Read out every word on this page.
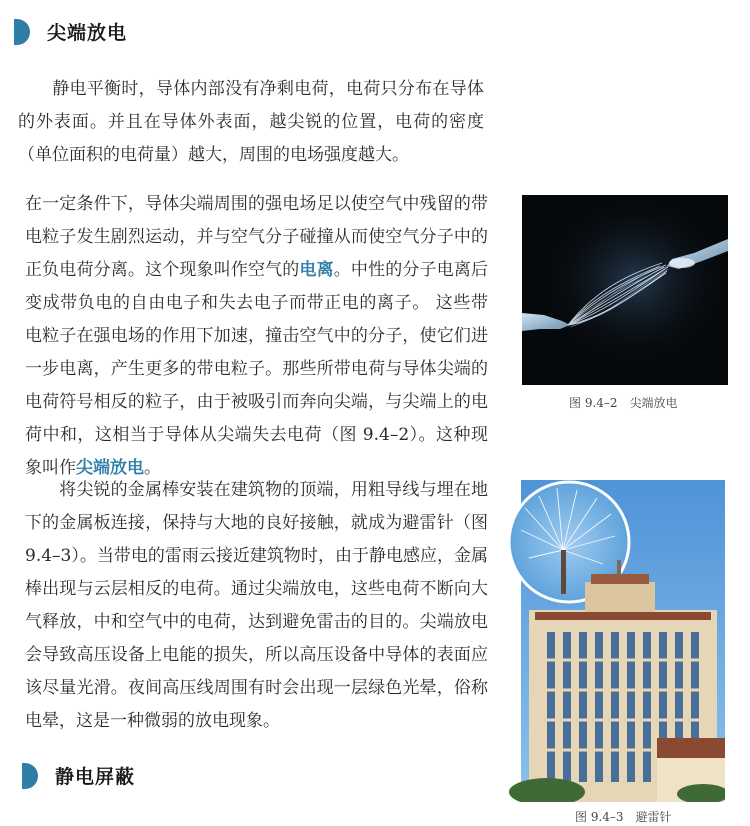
尖端放电
静电平衡时，导体内部没有净剩电荷，电荷只分布在导体的外表面。并且在导体外表面，越尖锐的位置，电荷的密度（单位面积的电荷量）越大，周围的电场强度越大。
在一定条件下，导体尖端周围的强电场足以使空气中残留的带电粒子发生剧烈运动，并与空气分子碰撞从而使空气分子中的正负电荷分离。这个现象叫作空气的电离。中性的分子电离后变成带负电的自由电子和失去电子而带正电的离子。 这些带电粒子在强电场的作用下加速，撞击空气中的分子，使它们进一步电离，产生更多的带电粒子。那些所带电荷与导体尖端的电荷符号相反的粒子，由于被吸引而奔向尖端，与尖端上的电荷中和，这相当于导体从尖端失去电荷（图 9.4–2）。这种现象叫作尖端放电。
将尖锐的金属棒安装在建筑物的顶端，用粗导线与埋在地下的金属板连接，保持与大地的良好接触，就成为避雷针（图 9.4–3）。当带电的雷雨云接近建筑物时，由于静电感应，金属棒出现与云层相反的电荷。通过尖端放电，这些电荷不断向大气释放，中和空气中的电荷，达到避免雷击的目的。尖端放电会导致高压设备上电能的损失，所以高压设备中导体的表面应该尽量光滑。夜间高压线周围有时会出现一层绿色光晕，俗称电晕，这是一种微弱的放电现象。
图 9.4–2　尖端放电
图 9.4–3　避雷针
静电屏蔽
